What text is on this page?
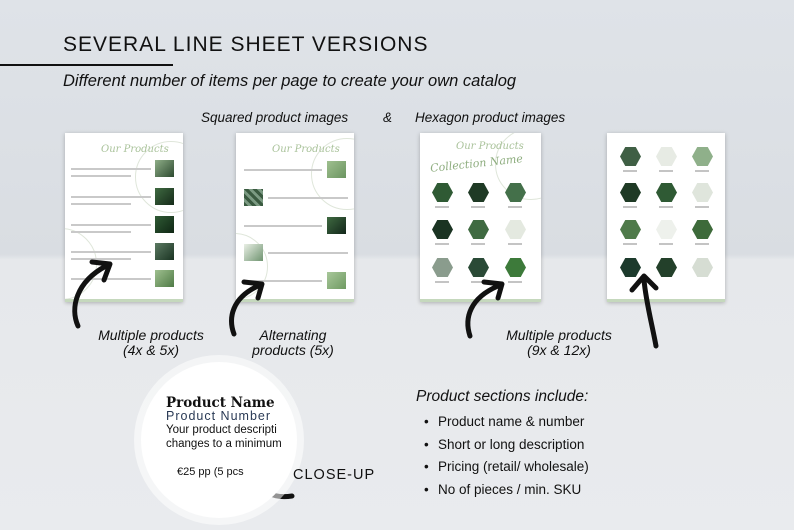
SEVERAL LINE SHEET VERSIONS
Different number of items per page to create your own catalog
Squared product images	& Hexagon product images
Our Products	Our Products	Our Products
Collection Name
Multiple products
(4x & 5x)
Alternating
products (5x)
Multiple products
(9x & 12x)
Product Name
Product Number
Your product descripti
changes to a minimum
€25 pp (5 pcs	CLOSE-UP
Product sections include:
• Product name & number
• Short or long description
• Pricing (retail/ wholesale)
• No of pieces / min. SKU
